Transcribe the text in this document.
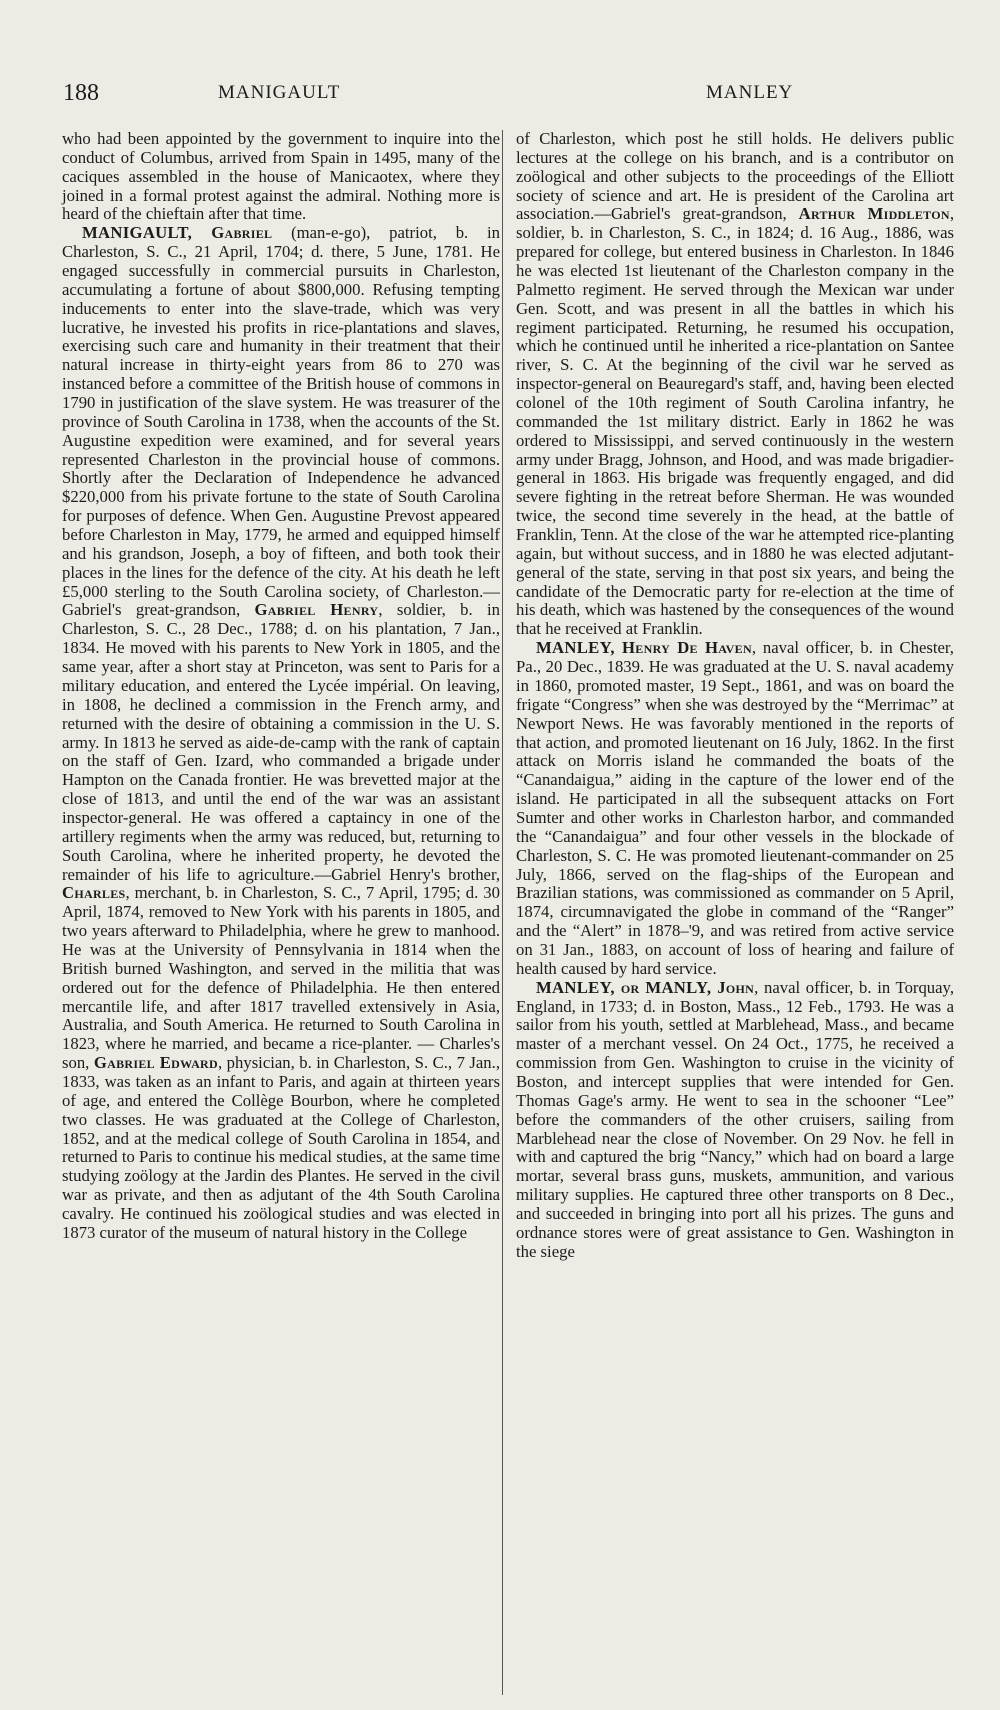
188	MANIGAULT	MANLEY

who had been appointed by the government to inquire into the conduct of Columbus, arrived from Spain in 1495, many of the caciques assembled in the house of Manicaotex, where they joined in a formal protest against the admiral. Nothing more is heard of the chieftain after that time.

MANIGAULT, Gabriel (man-e-go), patriot, b. in Charleston, S. C., 21 April, 1704; d. there, 5 June, 1781. He engaged successfully in commercial pursuits in Charleston, accumulating a fortune of about $800,000. Refusing tempting inducements to enter into the slave-trade, which was very lucrative, he invested his profits in rice-plantations and slaves, exercising such care and humanity in their treatment that their natural increase in thirty-eight years from 86 to 270 was instanced before a committee of the British house of commons in 1790 in justification of the slave system. He was treasurer of the province of South Carolina in 1738, when the accounts of the St. Augustine expedition were examined, and for several years represented Charleston in the provincial house of commons. Shortly after the Declaration of Independence he advanced $220,000 from his private fortune to the state of South Carolina for purposes of defence. When Gen. Augustine Prevost appeared before Charleston in May, 1779, he armed and equipped himself and his grandson, Joseph, a boy of fifteen, and both took their places in the lines for the defence of the city. At his death he left £5,000 sterling to the South Carolina society, of Charleston.— Gabriel's great-grandson, Gabriel Henry, soldier, b. in Charleston, S. C., 28 Dec., 1788; d. on his plantation, 7 Jan., 1834. He moved with his parents to New York in 1805, and the same year, after a short stay at Princeton, was sent to Paris for a military education, and entered the Lycée impérial. On leaving, in 1808, he declined a commission in the French army, and returned with the desire of obtaining a commission in the U. S. army. In 1813 he served as aide-de-camp with the rank of captain on the staff of Gen. Izard, who commanded a brigade under Hampton on the Canada frontier. He was brevetted major at the close of 1813, and until the end of the war was an assistant inspector-general. He was offered a captaincy in one of the artillery regiments when the army was reduced, but, returning to South Carolina, where he inherited property, he devoted the remainder of his life to agriculture.—Gabriel Henry's brother, Charles, merchant, b. in Charleston, S. C., 7 April, 1795; d. 30 April, 1874, removed to New York with his parents in 1805, and two years afterward to Philadelphia, where he grew to manhood. He was at the University of Pennsylvania in 1814 when the British burned Washington, and served in the militia that was ordered out for the defence of Philadelphia. He then entered mercantile life, and after 1817 travelled extensively in Asia, Australia, and South America. He returned to South Carolina in 1823, where he married, and became a rice-planter. — Charles's son, Gabriel Edward, physician, b. in Charleston, S. C., 7 Jan., 1833, was taken as an infant to Paris, and again at thirteen years of age, and entered the Collège Bourbon, where he completed two classes. He was graduated at the College of Charleston, 1852, and at the medical college of South Carolina in 1854, and returned to Paris to continue his medical studies, at the same time studying zoölogy at the Jardin des Plantes. He served in the civil war as private, and then as adjutant of the 4th South Carolina cavalry. He continued his zoölogical studies and was elected in 1873 curator of the museum of natural history in the College

of Charleston, which post he still holds. He delivers public lectures at the college on his branch, and is a contributor on zoölogical and other subjects to the proceedings of the Elliott society of science and art. He is president of the Carolina art association.—Gabriel's great-grandson, Arthur Middleton, soldier, b. in Charleston, S. C., in 1824; d. 16 Aug., 1886, was prepared for college, but entered business in Charleston. In 1846 he was elected 1st lieutenant of the Charleston company in the Palmetto regiment. He served through the Mexican war under Gen. Scott, and was present in all the battles in which his regiment participated. Returning, he resumed his occupation, which he continued until he inherited a rice-plantation on Santee river, S. C. At the beginning of the civil war he served as inspector-general on Beauregard's staff, and, having been elected colonel of the 10th regiment of South Carolina infantry, he commanded the 1st military district. Early in 1862 he was ordered to Mississippi, and served continuously in the western army under Bragg, Johnson, and Hood, and was made brigadier-general in 1863. His brigade was frequently engaged, and did severe fighting in the retreat before Sherman. He was wounded twice, the second time severely in the head, at the battle of Franklin, Tenn. At the close of the war he attempted rice-planting again, but without success, and in 1880 he was elected adjutant-general of the state, serving in that post six years, and being the candidate of the Democratic party for re-election at the time of his death, which was hastened by the consequences of the wound that he received at Franklin.

MANLEY, Henry De Haven, naval officer, b. in Chester, Pa., 20 Dec., 1839. He was graduated at the U. S. naval academy in 1860, promoted master, 19 Sept., 1861, and was on board the frigate “Congress” when she was destroyed by the “Merrimac” at Newport News. He was favorably mentioned in the reports of that action, and promoted lieutenant on 16 July, 1862. In the first attack on Morris island he commanded the boats of the “Canandaigua,” aiding in the capture of the lower end of the island. He participated in all the subsequent attacks on Fort Sumter and other works in Charleston harbor, and commanded the “Canandaigua” and four other vessels in the blockade of Charleston, S. C. He was promoted lieutenant-commander on 25 July, 1866, served on the flag-ships of the European and Brazilian stations, was commissioned as commander on 5 April, 1874, circumnavigated the globe in command of the “Ranger” and the “Alert” in 1878–'9, and was retired from active service on 31 Jan., 1883, on account of loss of hearing and failure of health caused by hard service.

MANLEY, or MANLY, John, naval officer, b. in Torquay, England, in 1733; d. in Boston, Mass., 12 Feb., 1793. He was a sailor from his youth, settled at Marblehead, Mass., and became master of a merchant vessel. On 24 Oct., 1775, he received a commission from Gen. Washington to cruise in the vicinity of Boston, and intercept supplies that were intended for Gen. Thomas Gage's army. He went to sea in the schooner “Lee” before the commanders of the other cruisers, sailing from Marblehead near the close of November. On 29 Nov. he fell in with and captured the brig “Nancy,” which had on board a large mortar, several brass guns, muskets, ammunition, and various military supplies. He captured three other transports on 8 Dec., and succeeded in bringing into port all his prizes. The guns and ordnance stores were of great assistance to Gen. Washington in the siege
